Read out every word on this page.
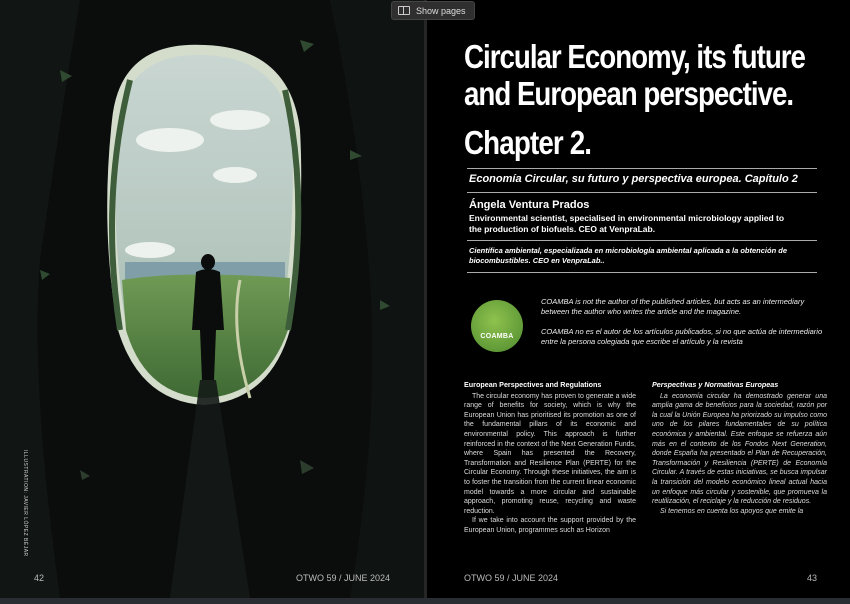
Show pages
ILLUSTRATION: JAVIER LÓPEZ BÉJAR
42	OTWO 59 / JUNE 2024
Circular Economy, its future
and European perspective.
Chapter 2.
Economía Circular, su futuro y perspectiva europea. Capítulo 2
Ángela Ventura Prados
Environmental scientist, specialised in environmental microbiology applied to
the production of biofuels. CEO at VenpraLab.
Científica ambiental, especializada en microbiología ambiental aplicada a la obtención de
biocombustibles. CEO en VenpraLab..
COAMBA
COAMBA is not the author of the published articles, but acts as an intermediary
between the author who writes the article and the magazine.
COAMBA no es el autor de los artículos publicados, si no que actúa de intermediario
entre la persona colegiada que escribe el artículo y la revista
European Perspectives and Regulations

The circular economy has proven to generate a wide range of benefits for society, which is why the European Union has prioritised its promotion as one of the fundamental pillars of its economic and environmental policy. This approach is further reinforced in the context of the Next Generation Funds, where Spain has presented the Recovery, Transformation and Resilience Plan (PERTE) for the Circular Economy. Through these initiatives, the aim is to foster the transition from the current linear economic model towards a more circular and sustainable approach, promoting reuse, recycling and waste reduction.

If we take into account the support provided by the European Union, programmes such as Horizon

Perspectivas y Normativas Europeas

La economía circular ha demostrado generar una amplia gama de beneficios para la sociedad, razón por la cual la Unión Europea ha priorizado su impulso como uno de los pilares fundamentales de su política económica y ambiental. Este enfoque se refuerza aún más en el contexto de los Fondos Next Generation, donde España ha presentado el Plan de Recuperación, Transformación y Resiliencia (PERTE) de Economía Circular. A través de estas iniciativas, se busca impulsar la transición del modelo económico lineal actual hacia un enfoque más circular y sostenible, que promueva la reutilización, el reciclaje y la reducción de residuos.

Si tenemos en cuenta los apoyos que emite la

OTWO 59 / JUNE 2024	43
